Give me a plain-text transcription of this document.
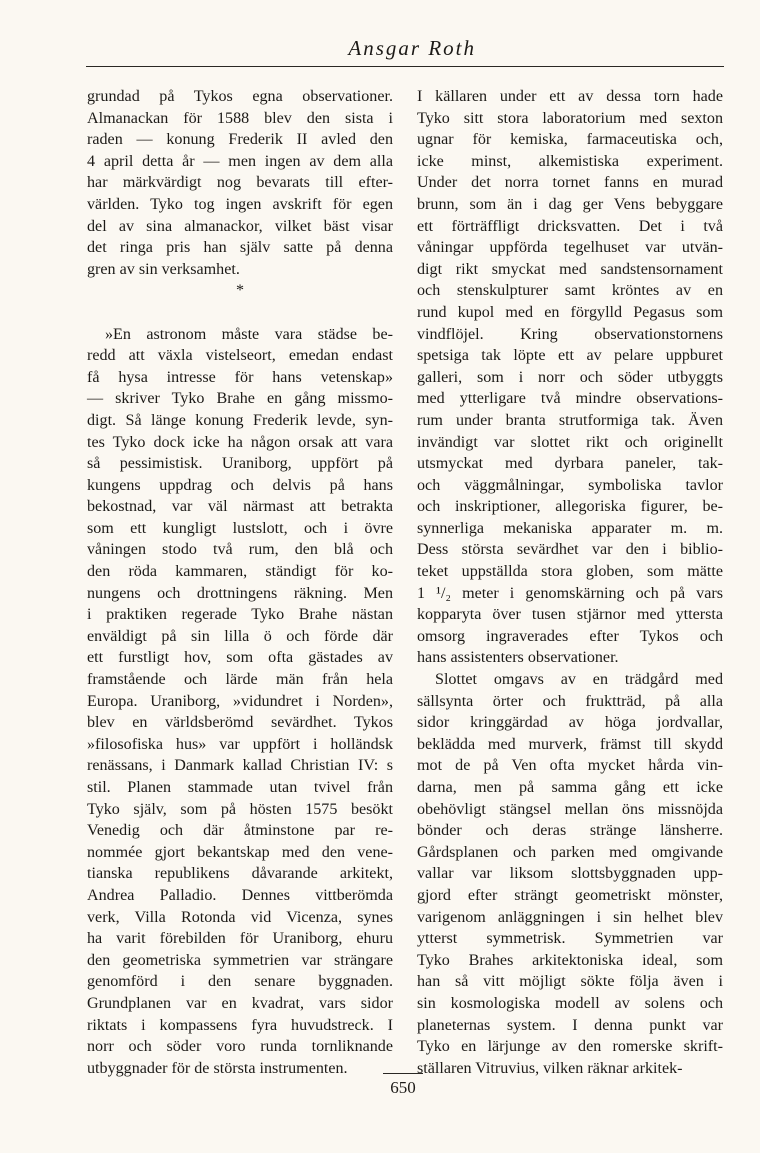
Ansgar Roth
grundad på Tykos egna observationer.
Almanackan för 1588 blev den sista i
raden — konung Frederik II avled den
4 april detta år — men ingen av dem alla
har märkvärdigt nog bevarats till efter-
världen. Tyko tog ingen avskrift för egen
del av sina almanackor, vilket bäst visar
det ringa pris han själv satte på denna
gren av sin verksamhet.
*
»En astronom måste vara städse be-
redd att växla vistelseort, emedan endast
få hysa intresse för hans vetenskap»
— skriver Tyko Brahe en gång missmo-
digt. Så länge konung Frederik levde, syn-
tes Tyko dock icke ha någon orsak att vara
så pessimistisk. Uraniborg, uppfört på
kungens uppdrag och delvis på hans
bekostnad, var väl närmast att betrakta
som ett kungligt lustslott, och i övre
våningen stodo två rum, den blå och
den röda kammaren, ständigt för ko-
nungens och drottningens räkning. Men
i praktiken regerade Tyko Brahe nästan
enväldigt på sin lilla ö och förde där
ett furstligt hov, som ofta gästades av
framstående och lärde män från hela
Europa. Uraniborg, »vidundret i Norden»,
blev en världsberömd sevärdhet. Tykos
»filosofiska hus» var uppfört i holländsk
renässans, i Danmark kallad Christian IV: s
stil. Planen stammade utan tvivel från
Tyko själv, som på hösten 1575 besökt
Venedig och där åtminstone par re-
nommée gjort bekantskap med den vene-
tianska republikens dåvarande arkitekt,
Andrea Palladio. Dennes vittberömda
verk, Villa Rotonda vid Vicenza, synes
ha varit förebilden för Uraniborg, ehuru
den geometriska symmetrien var strängare
genomförd i den senare byggnaden.
Grundplanen var en kvadrat, vars sidor
riktats i kompassens fyra huvudstreck. I
norr och söder voro runda tornliknande
utbyggnader för de största instrumenten.
I källaren under ett av dessa torn hade
Tyko sitt stora laboratorium med sexton
ugnar för kemiska, farmaceutiska och,
icke minst, alkemistiska experiment.
Under det norra tornet fanns en murad
brunn, som än i dag ger Vens bebyggare
ett förträffligt dricksvatten. Det i två
våningar uppförda tegelhuset var utvän-
digt rikt smyckat med sandstensornament
och stenskulpturer samt kröntes av en
rund kupol med en förgylld Pegasus som
vindflöjel. Kring observationstornens
spetsiga tak löpte ett av pelare uppburet
galleri, som i norr och söder utbyggts
med ytterligare två mindre observations-
rum under branta strutformiga tak. Även
invändigt var slottet rikt och originellt
utsmyckat med dyrbara paneler, tak-
och väggmålningar, symboliska tavlor
och inskriptioner, allegoriska figurer, be-
synnerliga mekaniska apparater m. m.
Dess största sevärdhet var den i biblio-
teket uppställda stora globen, som mätte
1 ¹/₂ meter i genomskärning och på vars
kopparyta över tusen stjärnor med yttersta
omsorg ingraverades efter Tykos och
hans assistenters observationer.
Slottet omgavs av en trädgård med
sällsynta örter och fruktträd, på alla
sidor kringgärdad av höga jordvallar,
beklädda med murverk, främst till skydd
mot de på Ven ofta mycket hårda vin-
darna, men på samma gång ett icke
obehövligt stängsel mellan öns missnöjda
bönder och deras stränge länsherre.
Gårdsplanen och parken med omgivande
vallar var liksom slottsbyggnaden upp-
gjord efter strängt geometriskt mönster,
varigenom anläggningen i sin helhet blev
ytterst symmetrisk. Symmetrien var
Tyko Brahes arkitektoniska ideal, som
han så vitt möjligt sökte följa även i
sin kosmologiska modell av solens och
planeternas system. I denna punkt var
Tyko en lärjunge av den romerske skrift-
ställaren Vitruvius, vilken räknar arkitek-
650
